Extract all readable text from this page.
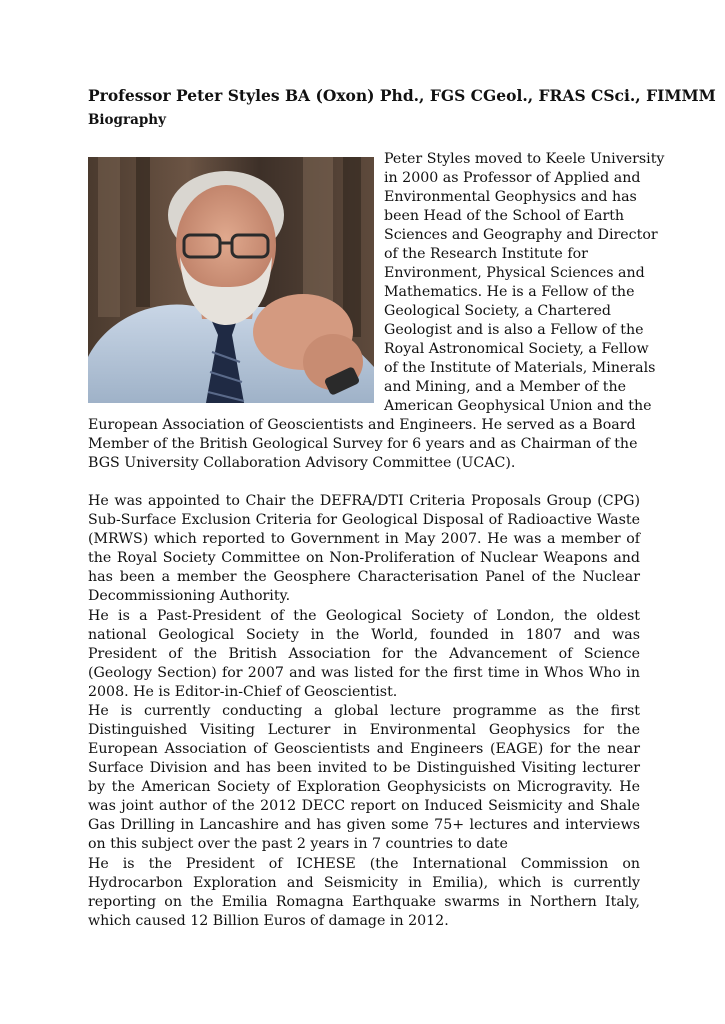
Professor Peter Styles BA (Oxon) Phd., FGS CGeol., FRAS CSci., FIMMM
Biography

Peter Styles moved to Keele University
in 2000 as Professor of Applied and
Environmental Geophysics and has
been Head of the School of Earth
Sciences and Geography and Director
of the Research Institute for
Environment, Physical Sciences and
Mathematics. He is a Fellow of the
Geological Society, a Chartered
Geologist and is also a Fellow of the
Royal Astronomical Society, a Fellow
of the Institute of Materials, Minerals
and Mining, and a Member of the
American Geophysical Union and the

European Association of Geoscientists and Engineers. He served as a Board Member of the British Geological Survey for 6 years and as Chairman of the BGS University Collaboration Advisory Committee (UCAC).

He was appointed to Chair the DEFRA/DTI Criteria Proposals Group (CPG) Sub-Surface Exclusion Criteria for Geological Disposal of Radioactive Waste (MRWS) which reported to Government in May 2007. He was a member of the Royal Society Committee on Non-Proliferation of Nuclear Weapons and has been a member the Geosphere Characterisation Panel of the Nuclear Decommissioning Authority.

He is a Past-President of the Geological Society of London, the oldest national Geological Society in the World, founded in 1807 and was President of the British Association for the Advancement of Science (Geology Section) for 2007 and was listed for the first time in Whos Who in 2008. He is Editor-in-Chief of Geoscientist.

He is currently conducting a global lecture programme as the first Distinguished Visiting Lecturer in Environmental Geophysics for the European Association of Geoscientists and Engineers (EAGE) for the near Surface Division and has been invited to be Distinguished Visiting lecturer by the American Society of Exploration Geophysicists on Microgravity. He was joint author of the 2012 DECC report on Induced Seismicity and Shale Gas Drilling in Lancashire and has given some 75+ lectures and interviews on this subject over the past 2 years in 7 countries to date

He is the President of ICHESE (the International Commission on Hydrocarbon Exploration and Seismicity in Emilia), which is currently reporting on the Emilia Romagna Earthquake swarms in Northern Italy, which caused 12 Billion Euros of damage in 2012.
